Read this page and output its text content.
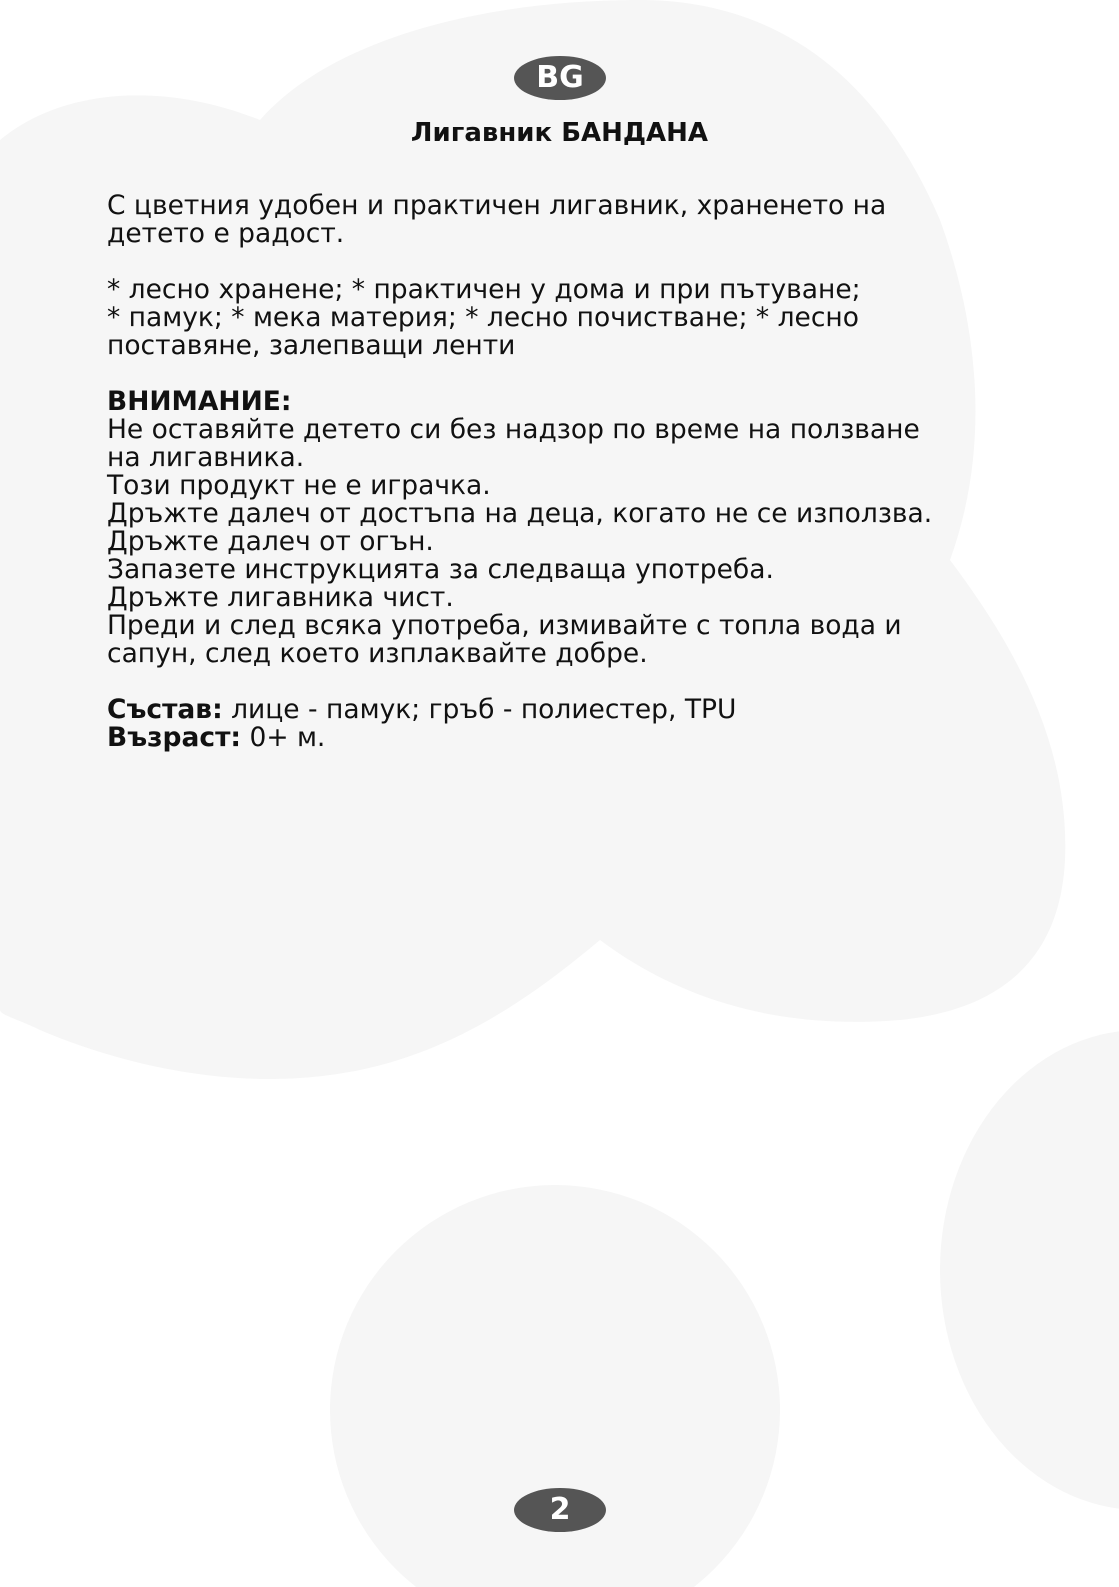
BG
Лигавник БАНДАНА

С цветния удобен и практичен лигавник, храненето на

детето е радост.

* лесно хранене; * практичен у дома и при пътуване;

* памук; * мека материя; * лесно почистване; * лесно

поставяне, залепващи ленти

ВНИМАНИЕ:

Не оставяйте детето си без надзор по време на ползване

на лигавника.

Този продукт не е играчка.

Дръжте далеч от достъпа на деца, когато не се използва.

Дръжте далеч от огън.

Запазете инструкцията за следваща употреба.

Дръжте лигавника чист.

Преди и след всяка употреба, измивайте с топла вода и

сапун, след което изплаквайте добре.

Състав: лице - памук; гръб - полиестер, TPU

Възраст: 0+ м.

2
